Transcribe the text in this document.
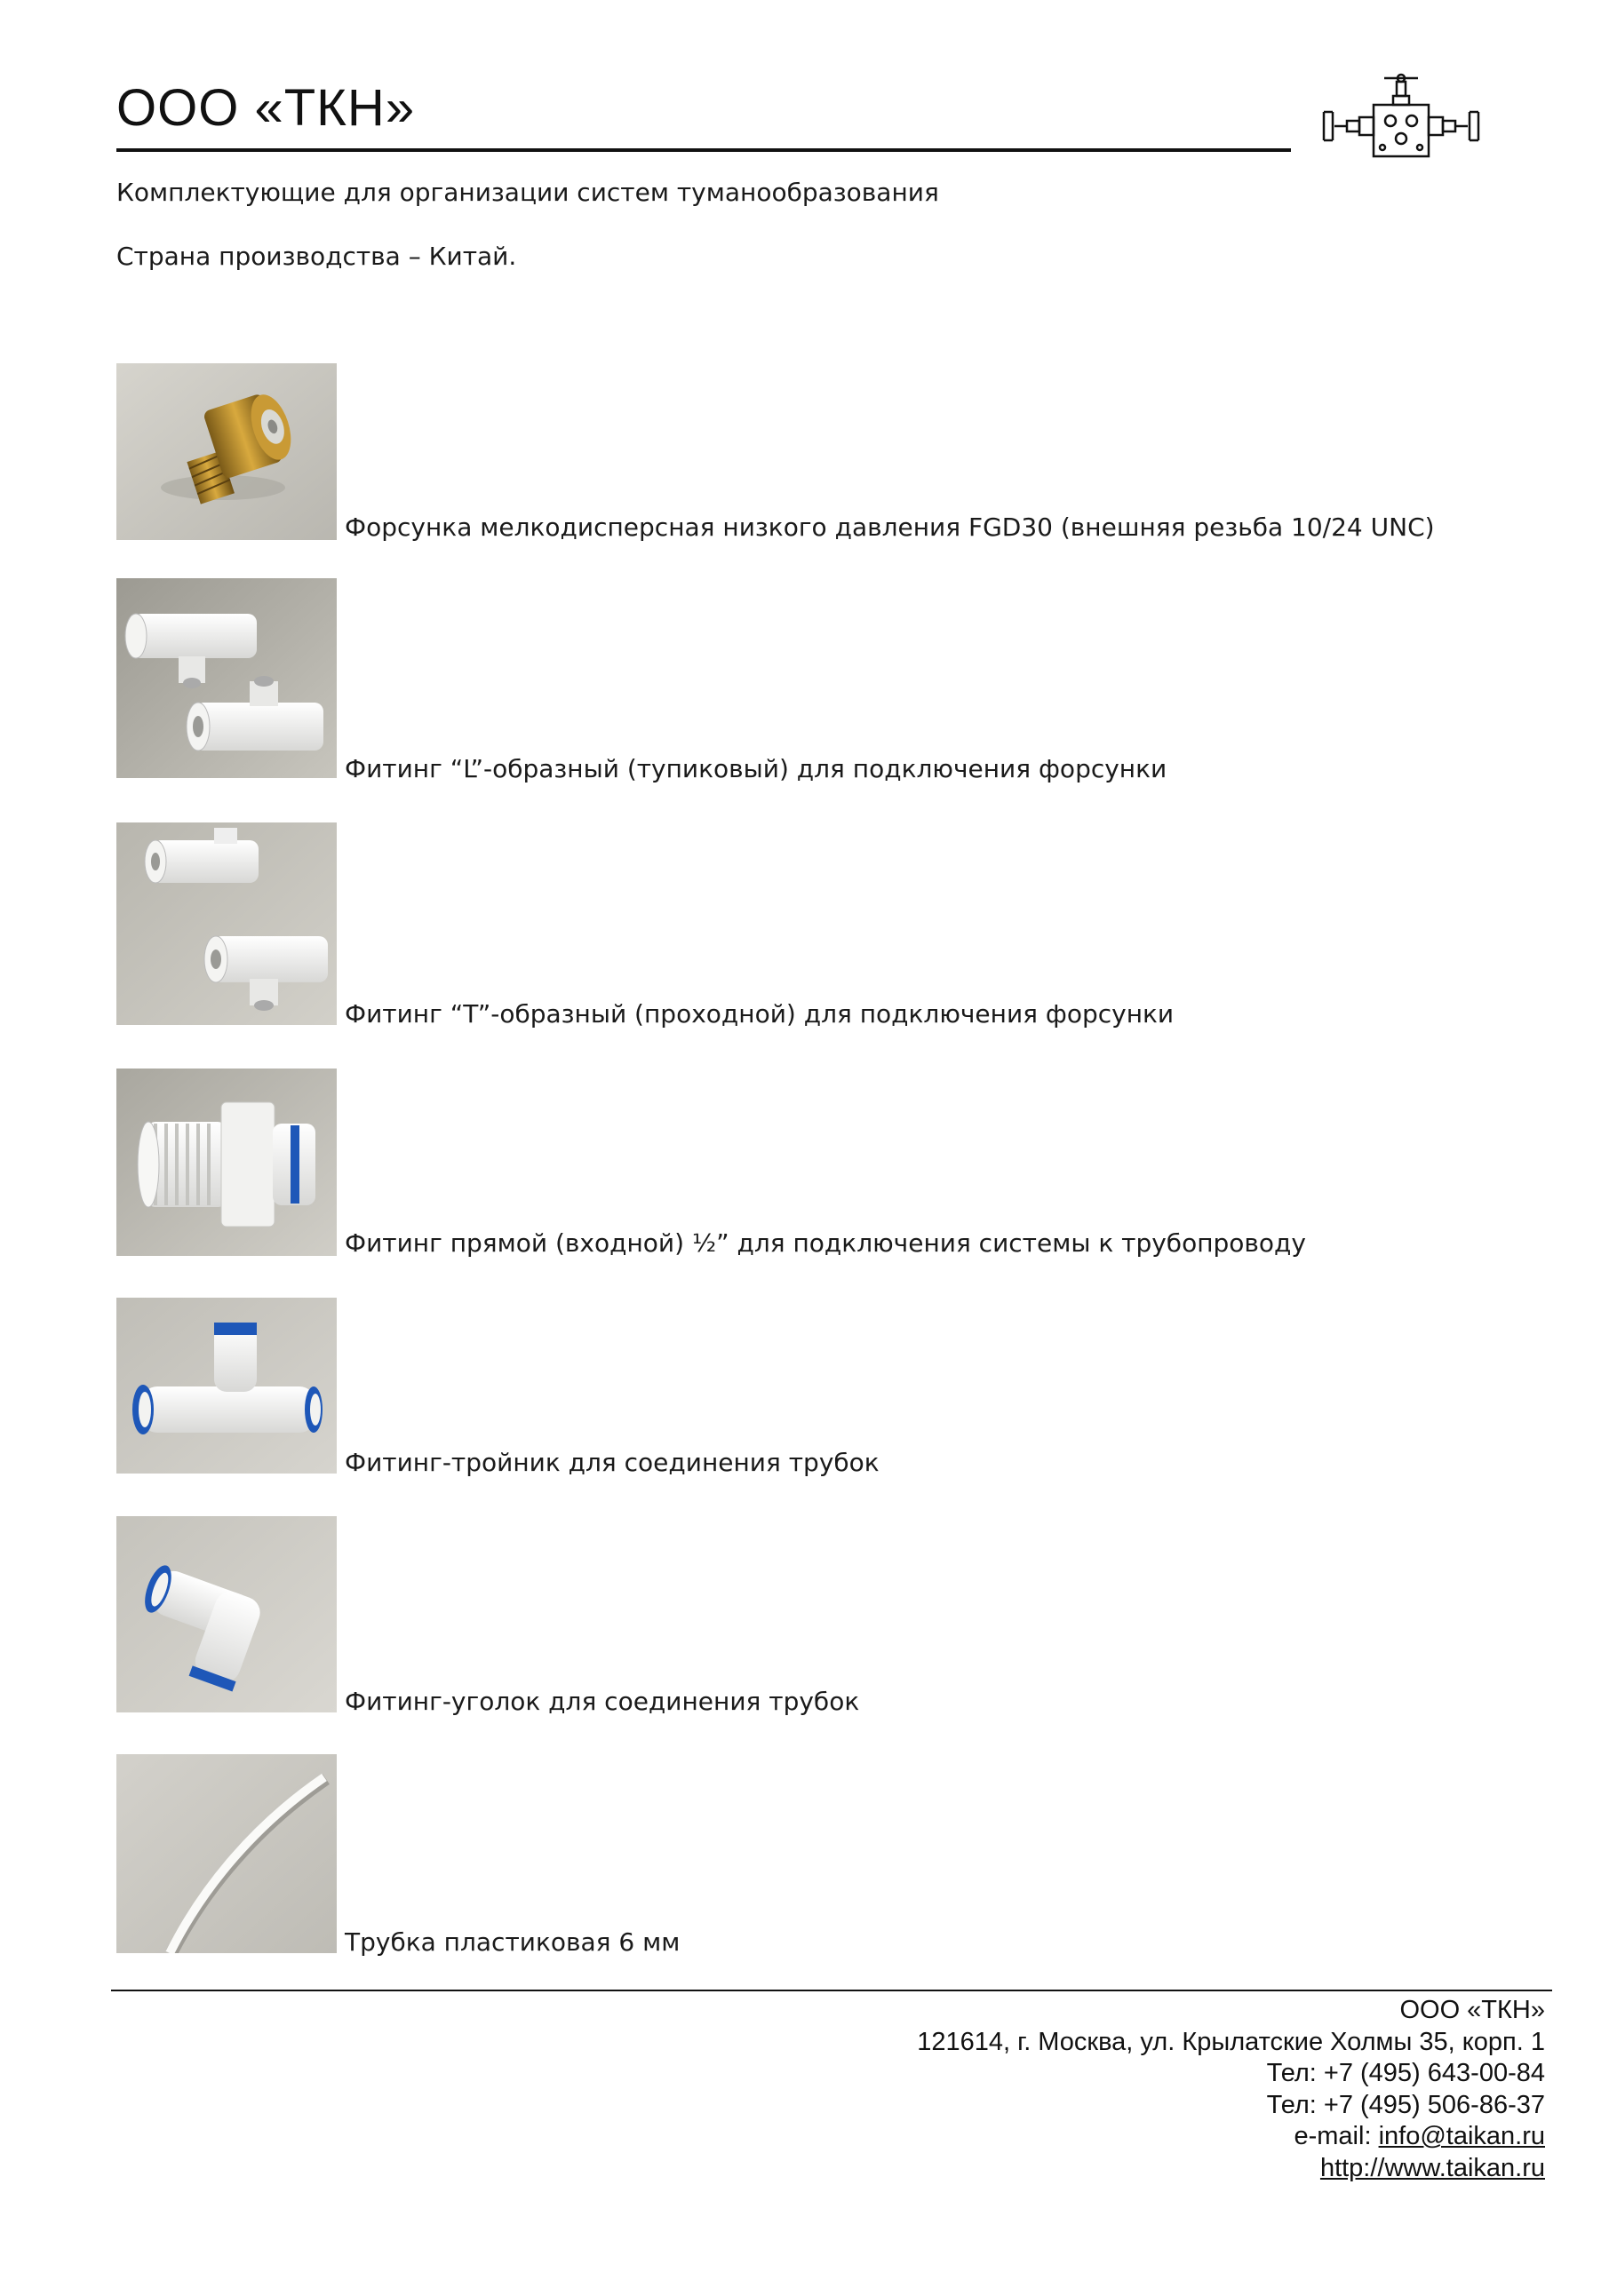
ООО «ТКН»
Комплектующие для организации систем туманообразования
Страна производства – Китай.
Форсунка мелкодисперсная низкого давления FGD30 (внешняя резьба 10/24 UNC)
Фитинг “L”-образный (тупиковый) для подключения форсунки
Фитинг “T”-образный (проходной) для подключения форсунки
Фитинг прямой (входной) ½” для подключения системы к трубопроводу
Фитинг-тройник для соединения трубок
Фитинг-уголок для соединения трубок
Трубка пластиковая 6 мм
ООО «ТКН»
121614, г. Москва, ул. Крылатские Холмы 35, корп. 1
Тел: +7 (495) 643-00-84
Тел: +7 (495) 506-86-37
e-mail: info@taikan.ru
http://www.taikan.ru
